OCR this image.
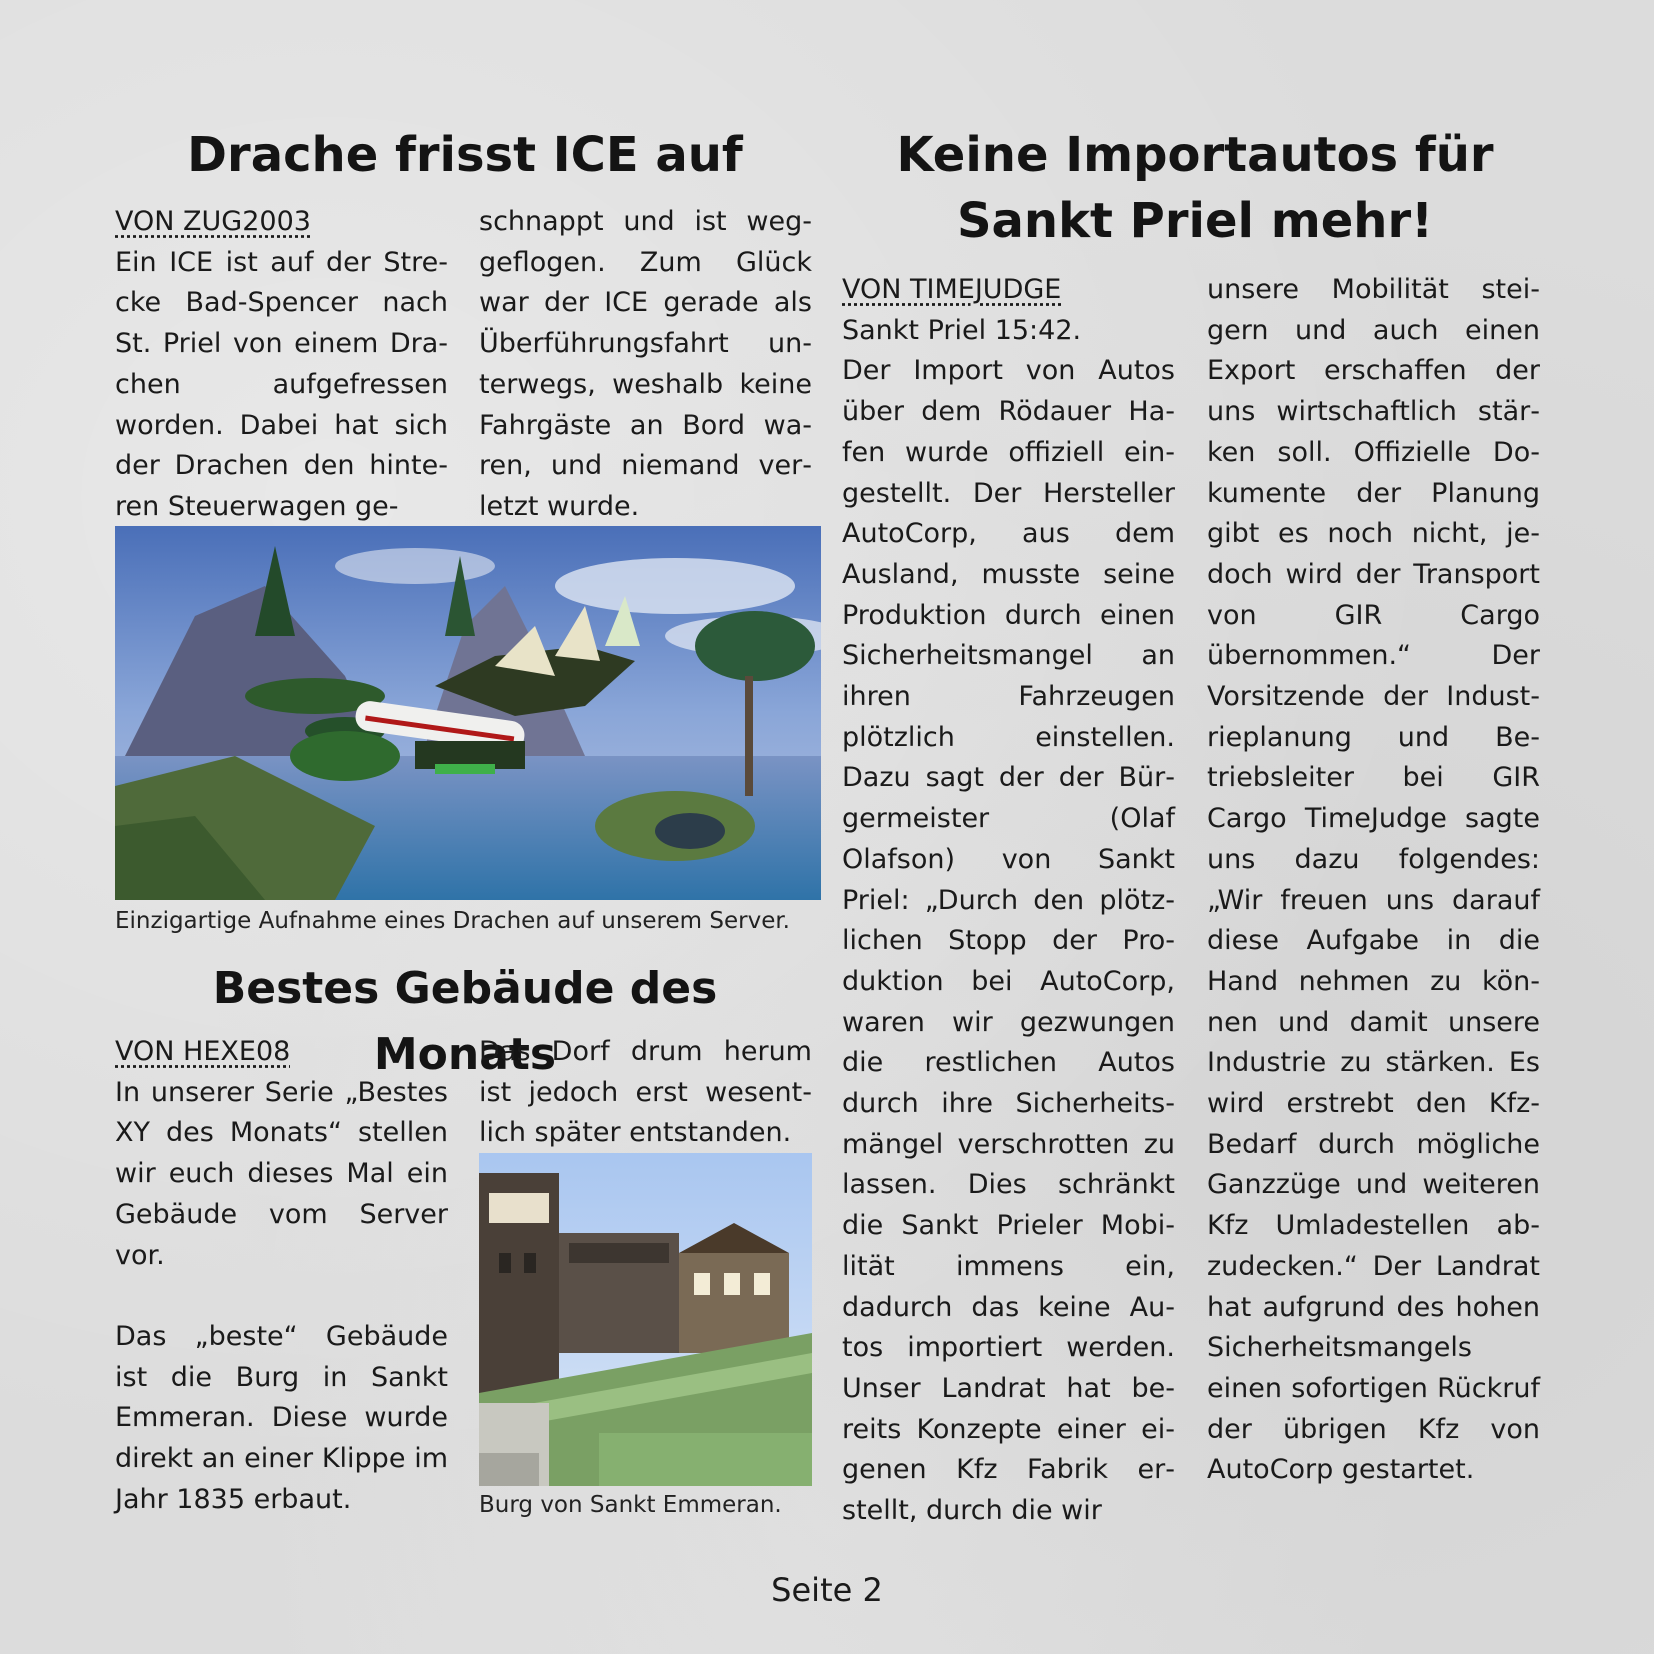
Drache frisst ICE auf
VON ZUG2003
Ein ICE ist auf der Strecke Bad-Spencer nach St. Priel von einem Drachen aufgefressen worden. Dabei hat sich der Drachen den hinteren Steuerwagen ge-
schnappt und ist weggeflogen. Zum Glück war der ICE gerade als Überführungsfahrt unterwegs, weshalb keine Fahrgäste an Bord waren, und niemand verletzt wurde.
Einzigartige Aufnahme eines Drachen auf unserem Server.
Bestes Gebäude des Monats
VON HEXE08
In unserer Serie „Bestes XY des Monats“ stellen wir euch dieses Mal ein Gebäude vom Server vor.
Das „beste“ Gebäude ist die Burg in Sankt Emmeran. Diese wurde direkt an einer Klippe im Jahr 1835 erbaut.
Das Dorf drum herum ist jedoch erst wesentlich später entstanden.
Burg von Sankt Emmeran.
Keine Importautos für
Sankt Priel mehr!
VON TIMEJUDGE
Sankt Priel 15:42.
Der Import von Autos über dem Rödauer Hafen wurde offiziell eingestellt. Der Hersteller AutoCorp, aus dem Ausland, musste seine Produktion durch einen Sicherheitsmangel an ihren Fahrzeugen plötzlich einstellen. Dazu sagt der der Bürgermeister (Olaf Olafson) von Sankt Priel: „Durch den plötzlichen Stopp der Produktion bei AutoCorp, waren wir gezwungen die restlichen Autos durch ihre Sicherheitsmängel verschrotten zu lassen. Dies schränkt die Sankt Prieler Mobilität immens ein, dadurch das keine Autos importiert werden. Unser Landrat hat bereits Konzepte einer eigenen Kfz Fabrik erstellt, durch die wir
unsere Mobilität steigern und auch einen Export erschaffen der uns wirtschaftlich stärken soll. Offizielle Dokumente der Planung gibt es noch nicht, jedoch wird der Transport von GIR Cargo übernommen.“ Der Vorsitzende der Industrieplanung und Betriebsleiter bei GIR Cargo TimeJudge sagte uns dazu folgendes: „Wir freuen uns darauf diese Aufgabe in die Hand nehmen zu können und damit unsere Industrie zu stärken. Es wird erstrebt den Kfz-Bedarf durch mögliche Ganzzüge und weiteren Kfz Umladestellen abzudecken.“ Der Landrat hat aufgrund des hohen Sicherheitsmangels einen sofortigen Rückruf der übrigen Kfz von AutoCorp gestartet.
Seite 2
